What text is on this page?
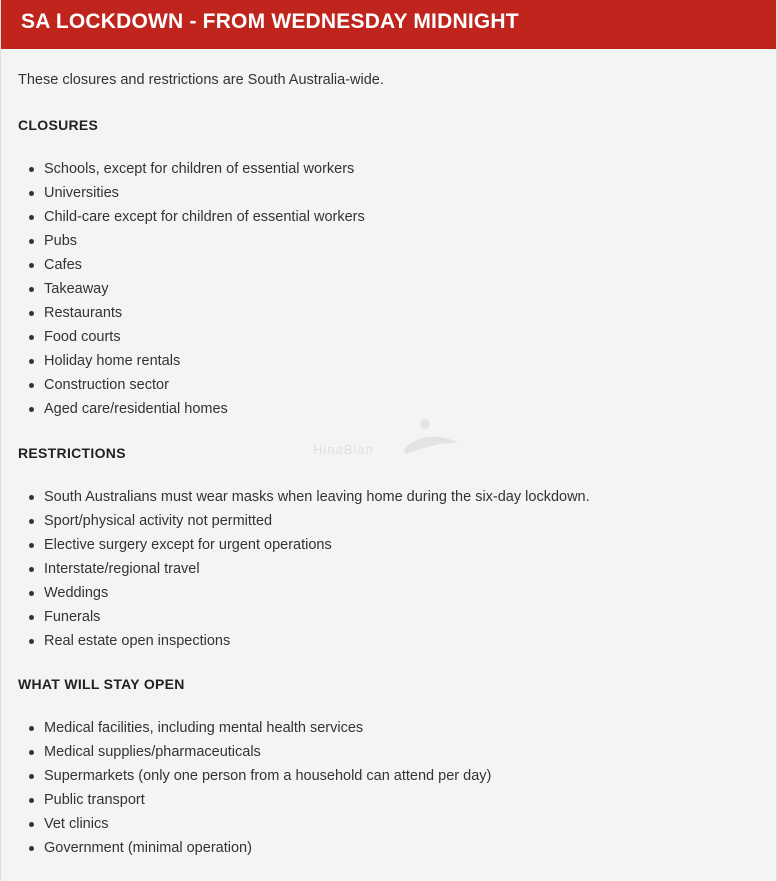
SA LOCKDOWN - FROM WEDNESDAY MIDNIGHT
These closures and restrictions are South Australia-wide.
CLOSURES
Schools, except for children of essential workers
Universities
Child-care except for children of essential workers
Pubs
Cafes
Takeaway
Restaurants
Food courts
Holiday home rentals
Construction sector
Aged care/residential homes
RESTRICTIONS
South Australians must wear masks when leaving home during the six-day lockdown.
Sport/physical activity not permitted
Elective surgery except for urgent operations
Interstate/regional travel
Weddings
Funerals
Real estate open inspections
WHAT WILL STAY OPEN
Medical facilities, including mental health services
Medical supplies/pharmaceuticals
Supermarkets (only one person from a household can attend per day)
Public transport
Vet clinics
Government (minimal operation)
HinaBian
